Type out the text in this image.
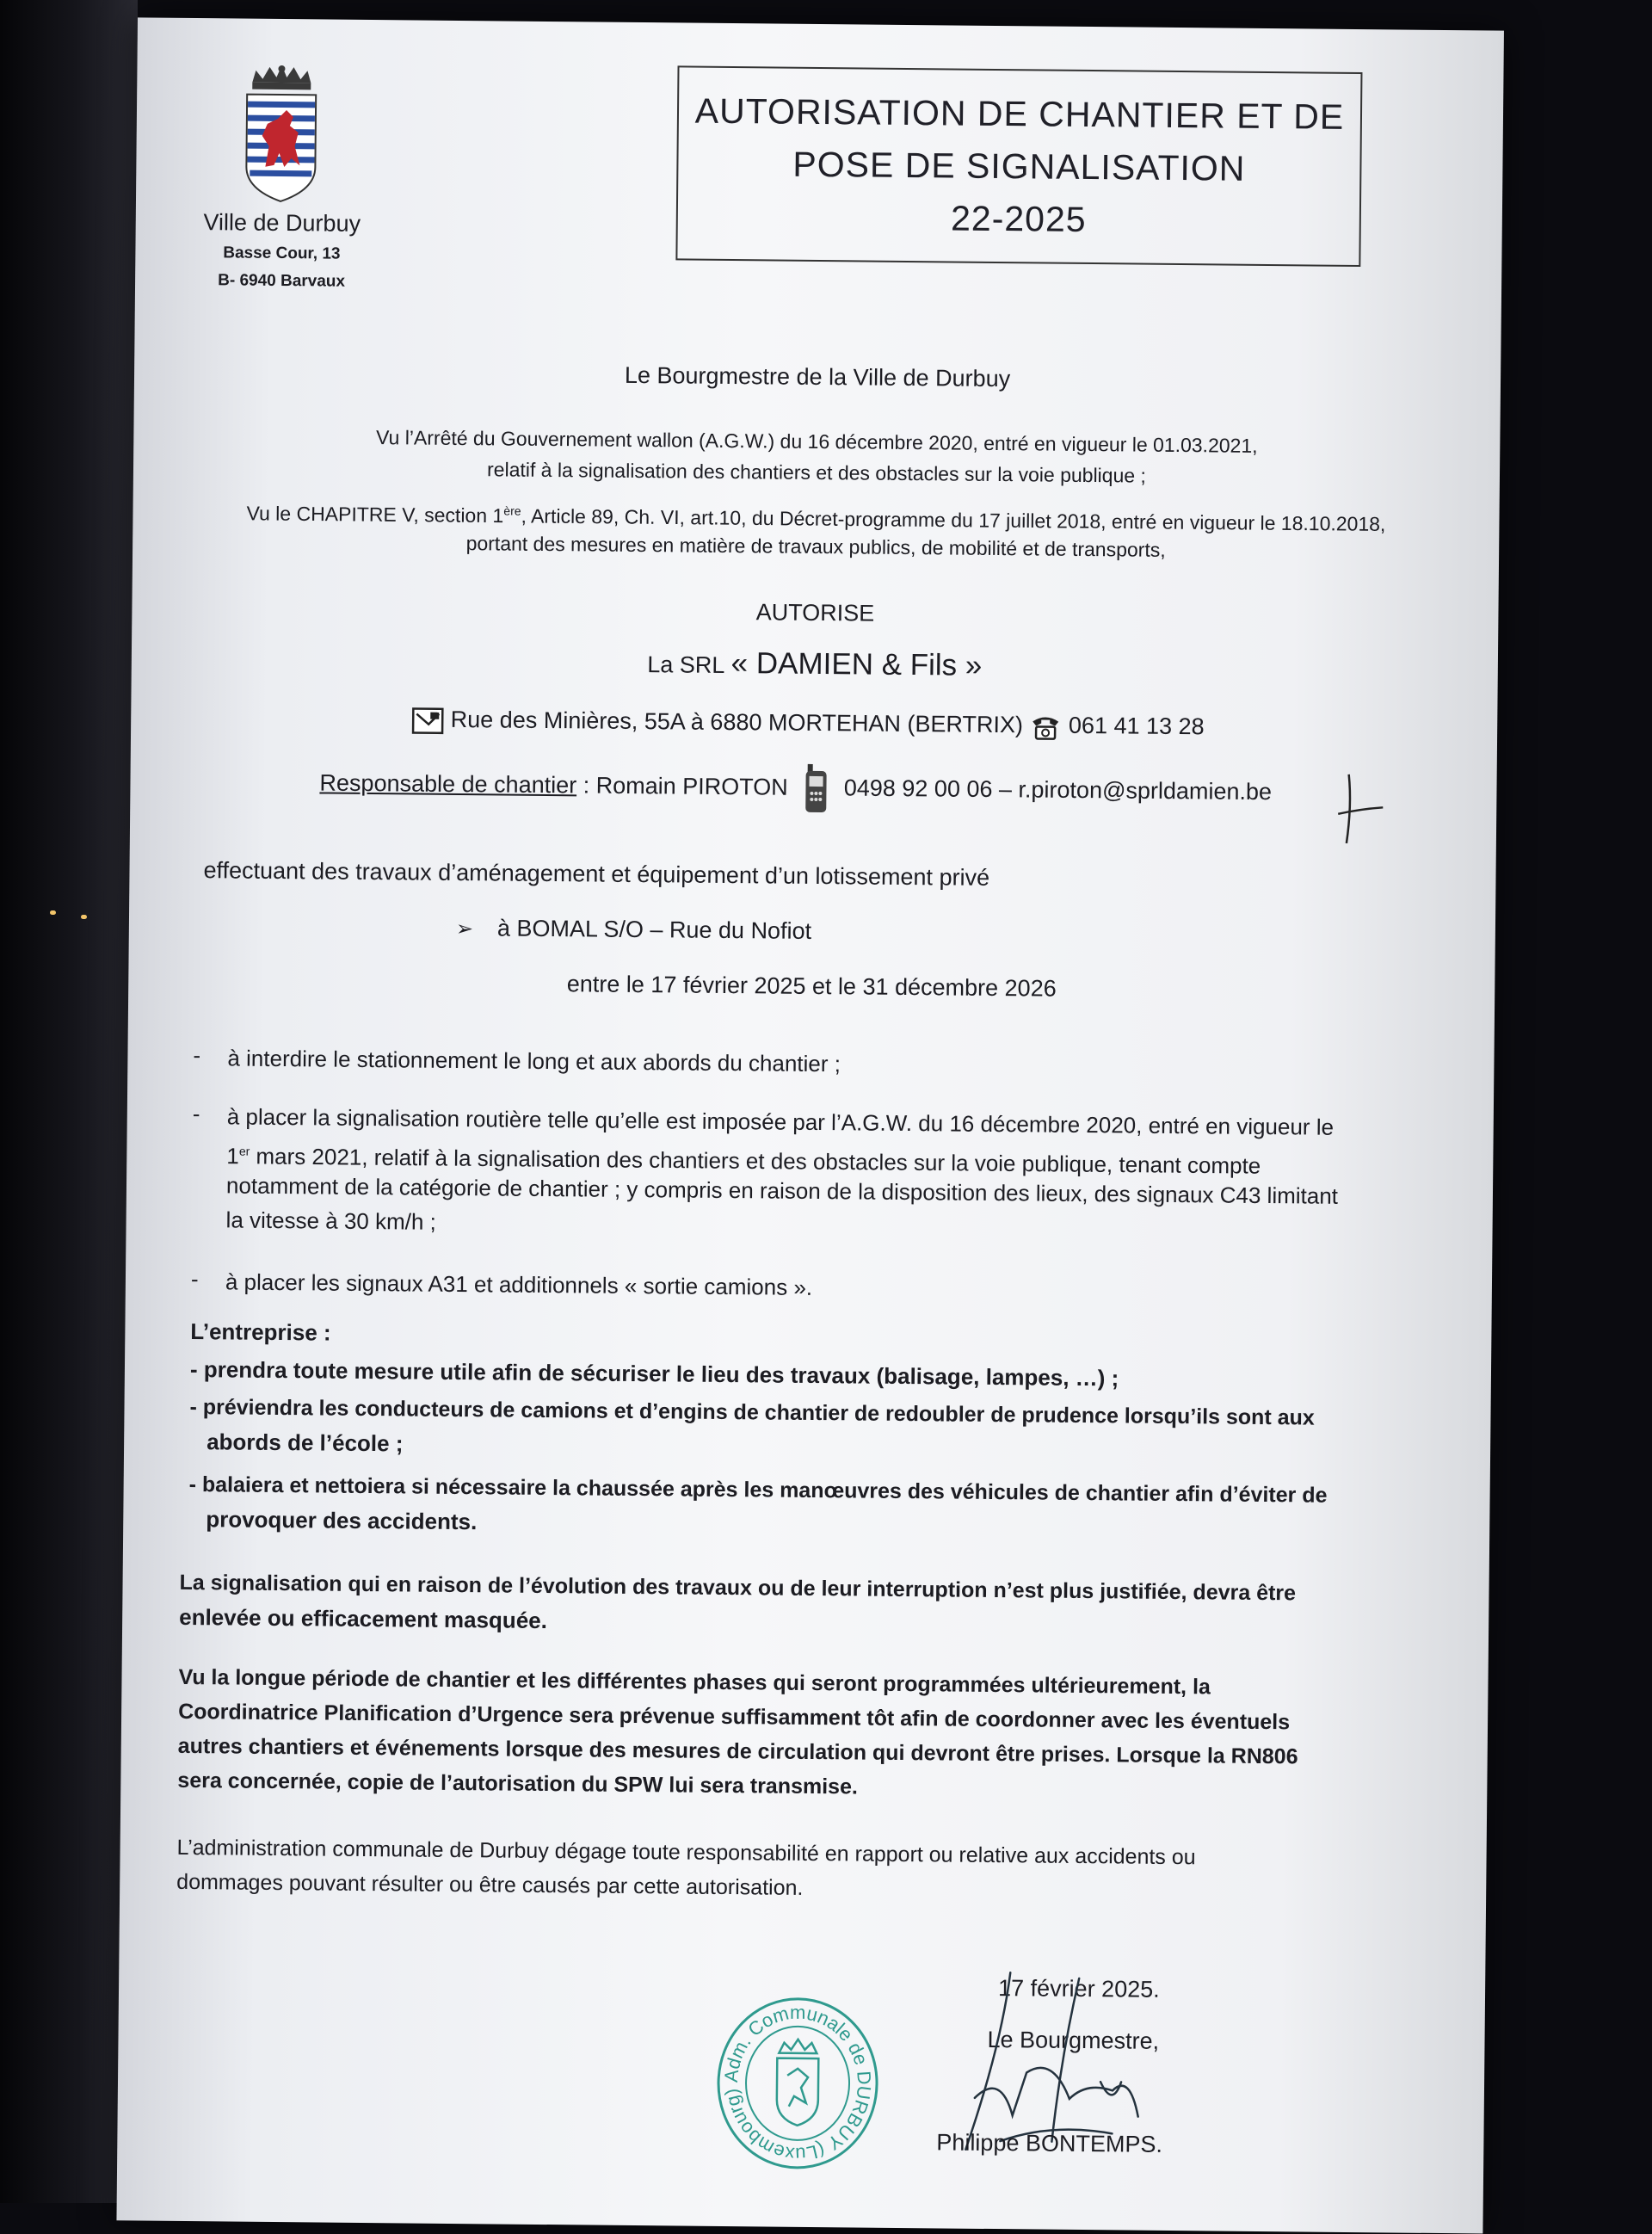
Ville de Durbuy
Basse Cour, 13
B- 6940 Barvaux
AUTORISATION DE CHANTIER ET DE
POSE DE SIGNALISATION
22-2025
Le Bourgmestre de la Ville de Durbuy
Vu l’Arrêté du Gouvernement wallon (A.G.W.) du 16 décembre 2020, entré en vigueur le 01.03.2021,
relatif à la signalisation des chantiers et des obstacles sur la voie publique ;
Vu le CHAPITRE V, section 1ère, Article 89, Ch. VI, art.10, du Décret-programme du 17 juillet 2018, entré en vigueur le 18.10.2018,
portant des mesures en matière de travaux publics, de mobilité et de transports,
AUTORISE
La SRL « DAMIEN & Fils »
Rue des Minières, 55A à 6880 MORTEHAN (BERTRIX) 061 41 13 28
Responsable de chantier : Romain PIROTON 0498 92 00 06 – r.piroton@sprldamien.be
effectuant des travaux d’aménagement et équipement d’un lotissement privé
➢ à BOMAL S/O – Rue du Nofiot
entre le 17 février 2025 et le 31 décembre 2026
- à interdire le stationnement le long et aux abords du chantier ;
- à placer la signalisation routière telle qu’elle est imposée par l’A.G.W. du 16 décembre 2020, entré en vigueur le
1er mars 2021, relatif à la signalisation des chantiers et des obstacles sur la voie publique, tenant compte
notamment de la catégorie de chantier ; y compris en raison de la disposition des lieux, des signaux C43 limitant
la vitesse à 30 km/h ;
- à placer les signaux A31 et additionnels « sortie camions ».
L’entreprise :
- prendra toute mesure utile afin de sécuriser le lieu des travaux (balisage, lampes, …) ;
- préviendra les conducteurs de camions et d’engins de chantier de redoubler de prudence lorsqu’ils sont aux
abords de l’école ;
- balaiera et nettoiera si nécessaire la chaussée après les manœuvres des véhicules de chantier afin d’éviter de
provoquer des accidents.
La signalisation qui en raison de l’évolution des travaux ou de leur interruption n’est plus justifiée, devra être
enlevée ou efficacement masquée.
Vu la longue période de chantier et les différentes phases qui seront programmées ultérieurement, la
Coordinatrice Planification d’Urgence sera prévenue suffisamment tôt afin de coordonner avec les éventuels
autres chantiers et événements lorsque des mesures de circulation qui devront être prises. Lorsque la RN806
sera concernée, copie de l’autorisation du SPW lui sera transmise.
L’administration communale de Durbuy dégage toute responsabilité en rapport ou relative aux accidents ou
dommages pouvant résulter ou être causés par cette autorisation.
Adm. Communale de DURBUY (Luxembourg)
17 février 2025.
Le Bourgmestre,
Philippe BONTEMPS.
